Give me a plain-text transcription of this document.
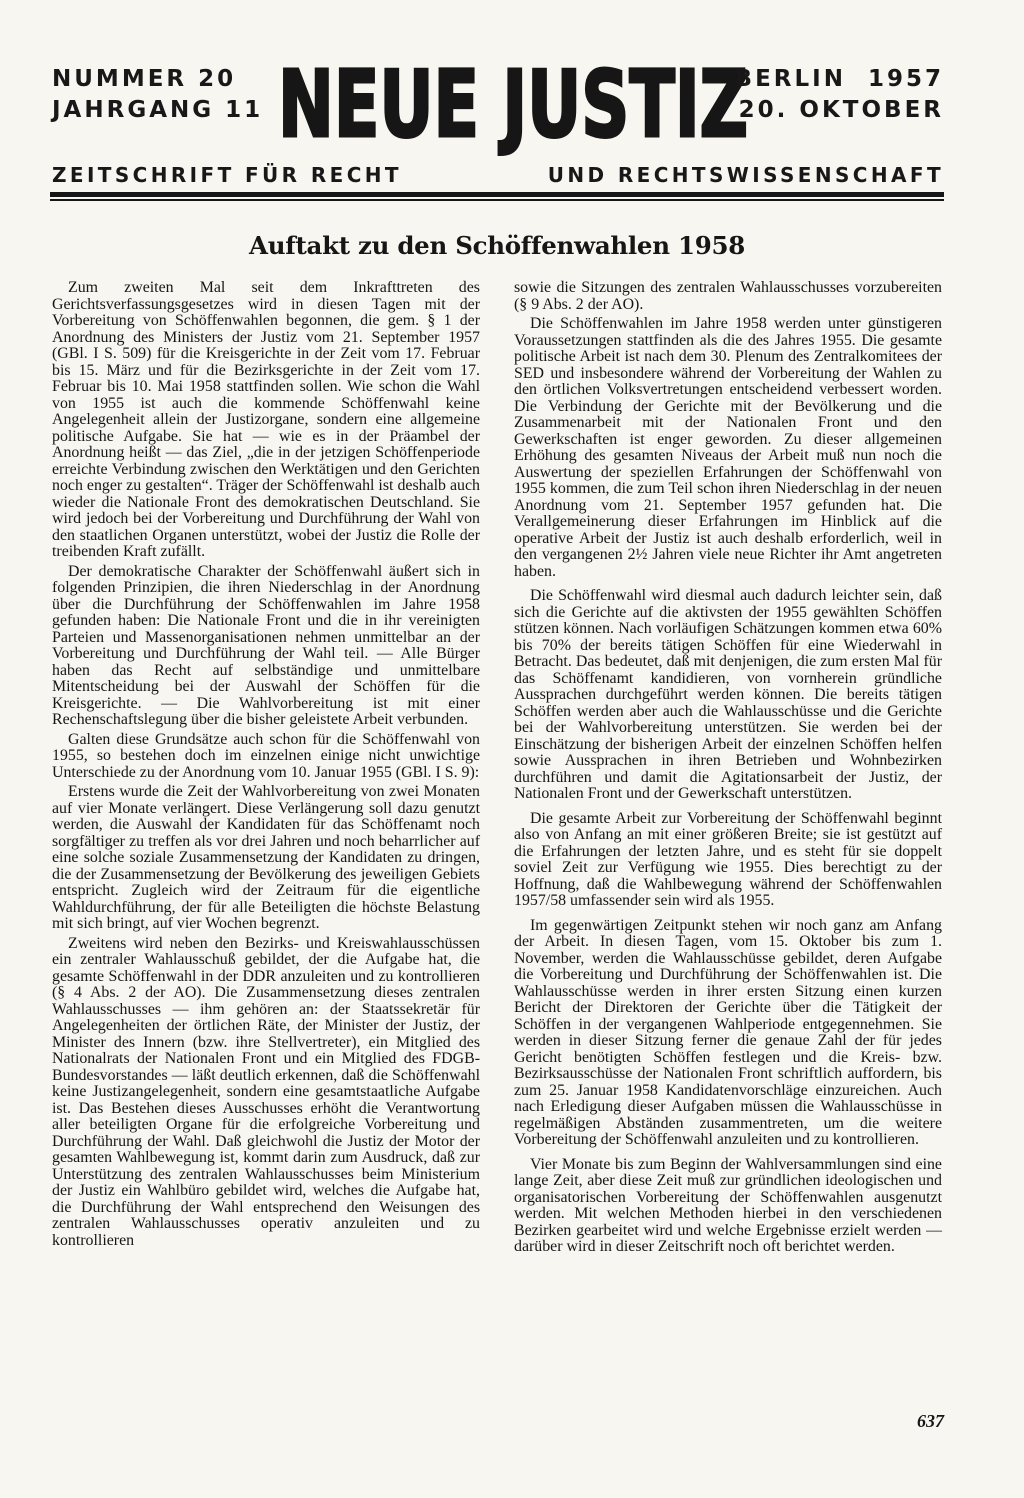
NUMMER 20
JAHRGANG 11 NEUE JUSTIZ
BERLIN  1957
20. OKTOBER
ZEITSCHRIFT FÜR RECHT	UND RECHTSWISSENSCHAFT
Auftakt zu den Schöffenwahlen 1958

Zum zweiten Mal seit dem Inkrafttreten des Gerichtsverfassungsgesetzes wird in diesen Tagen mit der Vorbereitung von Schöffenwahlen begonnen, die gem. § 1 der Anordnung des Ministers der Justiz vom 21. September 1957 (GBl. I S. 509) für die Kreisgerichte in der Zeit vom 17. Februar bis 15. März und für die Bezirksgerichte in der Zeit vom 17. Februar bis 10. Mai 1958 stattfinden sollen. Wie schon die Wahl von 1955 ist auch die kommende Schöffenwahl keine Angelegenheit allein der Justizorgane, sondern eine allgemeine politische Aufgabe. Sie hat — wie es in der Präambel der Anordnung heißt — das Ziel, „die in der jetzigen Schöffenperiode erreichte Verbindung zwischen den Werktätigen und den Gerichten noch enger zu gestalten“. Träger der Schöffenwahl ist deshalb auch wieder die Nationale Front des demokratischen Deutschland. Sie wird jedoch bei der Vorbereitung und Durchführung der Wahl von den staatlichen Organen unterstützt, wobei der Justiz die Rolle der treibenden Kraft zufällt.

Der demokratische Charakter der Schöffenwahl äußert sich in folgenden Prinzipien, die ihren Niederschlag in der Anordnung über die Durchführung der Schöffenwahlen im Jahre 1958 gefunden haben: Die Nationale Front und die in ihr vereinigten Parteien und Massenorganisationen nehmen unmittelbar an der Vorbereitung und Durchführung der Wahl teil. — Alle Bürger haben das Recht auf selbständige und unmittelbare Mitentscheidung bei der Auswahl der Schöffen für die Kreisgerichte. — Die Wahlvorbereitung ist mit einer Rechenschaftslegung über die bisher geleistete Arbeit verbunden.

Galten diese Grundsätze auch schon für die Schöffenwahl von 1955, so bestehen doch im einzelnen einige nicht unwichtige Unterschiede zu der Anordnung vom 10. Januar 1955 (GBl. I S. 9):

Erstens wurde die Zeit der Wahlvorbereitung von zwei Monaten auf vier Monate verlängert. Diese Verlängerung soll dazu genutzt werden, die Auswahl der Kandidaten für das Schöffenamt noch sorgfältiger zu treffen als vor drei Jahren und noch beharrlicher auf eine solche soziale Zusammensetzung der Kandidaten zu dringen, die der Zusammensetzung der Bevölkerung des jeweiligen Gebiets entspricht. Zugleich wird der Zeitraum für die eigentliche Wahldurchführung, der für alle Beteiligten die höchste Belastung mit sich bringt, auf vier Wochen begrenzt.

Zweitens wird neben den Bezirks- und Kreiswahlausschüssen ein zentraler Wahlausschuß gebildet, der die Aufgabe hat, die gesamte Schöffenwahl in der DDR anzuleiten und zu kontrollieren (§ 4 Abs. 2 der AO). Die Zusammensetzung dieses zentralen Wahlausschusses — ihm gehören an: der Staatssekretär für Angelegenheiten der örtlichen Räte, der Minister der Justiz, der Minister des Innern (bzw. ihre Stellvertreter), ein Mitglied des Nationalrats der Nationalen Front und ein Mitglied des FDGB-Bundesvorstandes — läßt deutlich erkennen, daß die Schöffenwahl keine Justizangelegenheit, sondern eine gesamtstaatliche Aufgabe ist. Das Bestehen dieses Ausschusses erhöht die Verantwortung aller beteiligten Organe für die erfolgreiche Vorbereitung und Durchführung der Wahl. Daß gleichwohl die Justiz der Motor der gesamten Wahlbewegung ist, kommt darin zum Ausdruck, daß zur Unterstützung des zentralen Wahlausschusses beim Ministerium der Justiz ein Wahlbüro gebildet wird, welches die Aufgabe hat, die Durchführung der Wahl entsprechend den Weisungen des zentralen Wahlausschusses operativ anzuleiten und zu kontrollieren

sowie die Sitzungen des zentralen Wahlausschusses vorzubereiten (§ 9 Abs. 2 der AO).

Die Schöffenwahlen im Jahre 1958 werden unter günstigeren Voraussetzungen stattfinden als die des Jahres 1955. Die gesamte politische Arbeit ist nach dem 30. Plenum des Zentralkomitees der SED und insbesondere während der Vorbereitung der Wahlen zu den örtlichen Volksvertretungen entscheidend verbessert worden. Die Verbindung der Gerichte mit der Bevölkerung und die Zusammenarbeit mit der Nationalen Front und den Gewerkschaften ist enger geworden. Zu dieser allgemeinen Erhöhung des gesamten Niveaus der Arbeit muß nun noch die Auswertung der speziellen Erfahrungen der Schöffenwahl von 1955 kommen, die zum Teil schon ihren Niederschlag in der neuen Anordnung vom 21. September 1957 gefunden hat. Die Verallgemeinerung dieser Erfahrungen im Hinblick auf die operative Arbeit der Justiz ist auch deshalb erforderlich, weil in den vergangenen 2½ Jahren viele neue Richter ihr Amt angetreten haben.

Die Schöffenwahl wird diesmal auch dadurch leichter sein, daß sich die Gerichte auf die aktivsten der 1955 gewählten Schöffen stützen können. Nach vorläufigen Schätzungen kommen etwa 60% bis 70% der bereits tätigen Schöffen für eine Wiederwahl in Betracht. Das bedeutet, daß mit denjenigen, die zum ersten Mal für das Schöffenamt kandidieren, von vornherein gründliche Aussprachen durchgeführt werden können. Die bereits tätigen Schöffen werden aber auch die Wahlausschüsse und die Gerichte bei der Wahlvorbereitung unterstützen. Sie werden bei der Einschätzung der bisherigen Arbeit der einzelnen Schöffen helfen sowie Aussprachen in ihren Betrieben und Wohnbezirken durchführen und damit die Agitationsarbeit der Justiz, der Nationalen Front und der Gewerkschaft unterstützen.

Die gesamte Arbeit zur Vorbereitung der Schöffenwahl beginnt also von Anfang an mit einer größeren Breite; sie ist gestützt auf die Erfahrungen der letzten Jahre, und es steht für sie doppelt soviel Zeit zur Verfügung wie 1955. Dies berechtigt zu der Hoffnung, daß die Wahlbewegung während der Schöffenwahlen 1957/58 umfassender sein wird als 1955.

Im gegenwärtigen Zeitpunkt stehen wir noch ganz am Anfang der Arbeit. In diesen Tagen, vom 15. Oktober bis zum 1. November, werden die Wahlausschüsse gebildet, deren Aufgabe die Vorbereitung und Durchführung der Schöffenwahlen ist. Die Wahlausschüsse werden in ihrer ersten Sitzung einen kurzen Bericht der Direktoren der Gerichte über die Tätigkeit der Schöffen in der vergangenen Wahlperiode entgegennehmen. Sie werden in dieser Sitzung ferner die genaue Zahl der für jedes Gericht benötigten Schöffen festlegen und die Kreis- bzw. Bezirksausschüsse der Nationalen Front schriftlich auffordern, bis zum 25. Januar 1958 Kandidatenvorschläge einzureichen. Auch nach Erledigung dieser Aufgaben müssen die Wahlausschüsse in regelmäßigen Abständen zusammentreten, um die weitere Vorbereitung der Schöffenwahl anzuleiten und zu kontrollieren.

Vier Monate bis zum Beginn der Wahlversammlungen sind eine lange Zeit, aber diese Zeit muß zur gründlichen ideologischen und organisatorischen Vorbereitung der Schöffenwahlen ausgenutzt werden. Mit welchen Methoden hierbei in den verschiedenen Bezirken gearbeitet wird und welche Ergebnisse erzielt werden — darüber wird in dieser Zeitschrift noch oft berichtet werden.

637
